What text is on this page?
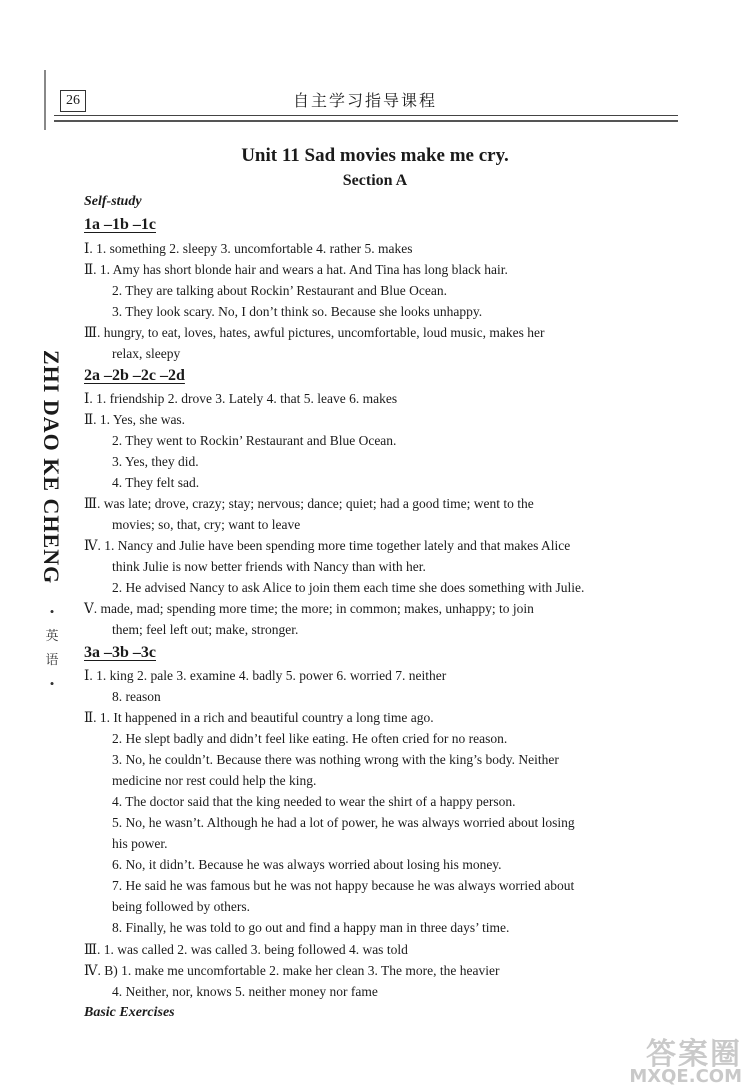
26	自主学习指导课程
ZHI DAO KE CHENG
• 英 语 •
Unit 11 Sad movies make me cry.
Section A
Self-study
1a –1b –1c
Ⅰ. 1. something 2. sleepy 3. uncomfortable 4. rather 5. makes
Ⅱ. 1. Amy has short blonde hair and wears a hat. And Tina has long black hair.
2. They are talking about Rockin’ Restaurant and Blue Ocean.
3. They look scary. No, I don’t think so. Because she looks unhappy.
Ⅲ. hungry, to eat, loves, hates, awful pictures, uncomfortable, loud music, makes her
relax, sleepy
2a –2b –2c –2d
Ⅰ. 1. friendship 2. drove 3. Lately 4. that 5. leave 6. makes
Ⅱ. 1. Yes, she was.
2. They went to Rockin’ Restaurant and Blue Ocean.
3. Yes, they did.
4. They felt sad.
Ⅲ. was late; drove, crazy; stay; nervous; dance; quiet; had a good time; went to the
movies; so, that, cry; want to leave
Ⅳ. 1. Nancy and Julie have been spending more time together lately and that makes Alice
think Julie is now better friends with Nancy than with her.
2. He advised Nancy to ask Alice to join them each time she does something with Julie.
Ⅴ. made, mad; spending more time; the more; in common; makes, unhappy; to join
them; feel left out; make, stronger.
3a –3b –3c
Ⅰ. 1. king 2. pale 3. examine 4. badly 5. power 6. worried 7. neither
8. reason
Ⅱ. 1. It happened in a rich and beautiful country a long time ago.
2. He slept badly and didn’t feel like eating. He often cried for no reason.
3. No, he couldn’t. Because there was nothing wrong with the king’s body. Neither
medicine nor rest could help the king.
4. The doctor said that the king needed to wear the shirt of a happy person.
5. No, he wasn’t. Although he had a lot of power, he was always worried about losing
his power.
6. No, it didn’t. Because he was always worried about losing his money.
7. He said he was famous but he was not happy because he was always worried about
being followed by others.
8. Finally, he was told to go out and find a happy man in three days’ time.
Ⅲ. 1. was called 2. was called 3. being followed 4. was told
Ⅳ. B) 1. make me uncomfortable 2. make her clean 3. The more, the heavier
4. Neither, nor, knows 5. neither money nor fame
Basic Exercises
答案圈
MXQE.COM
